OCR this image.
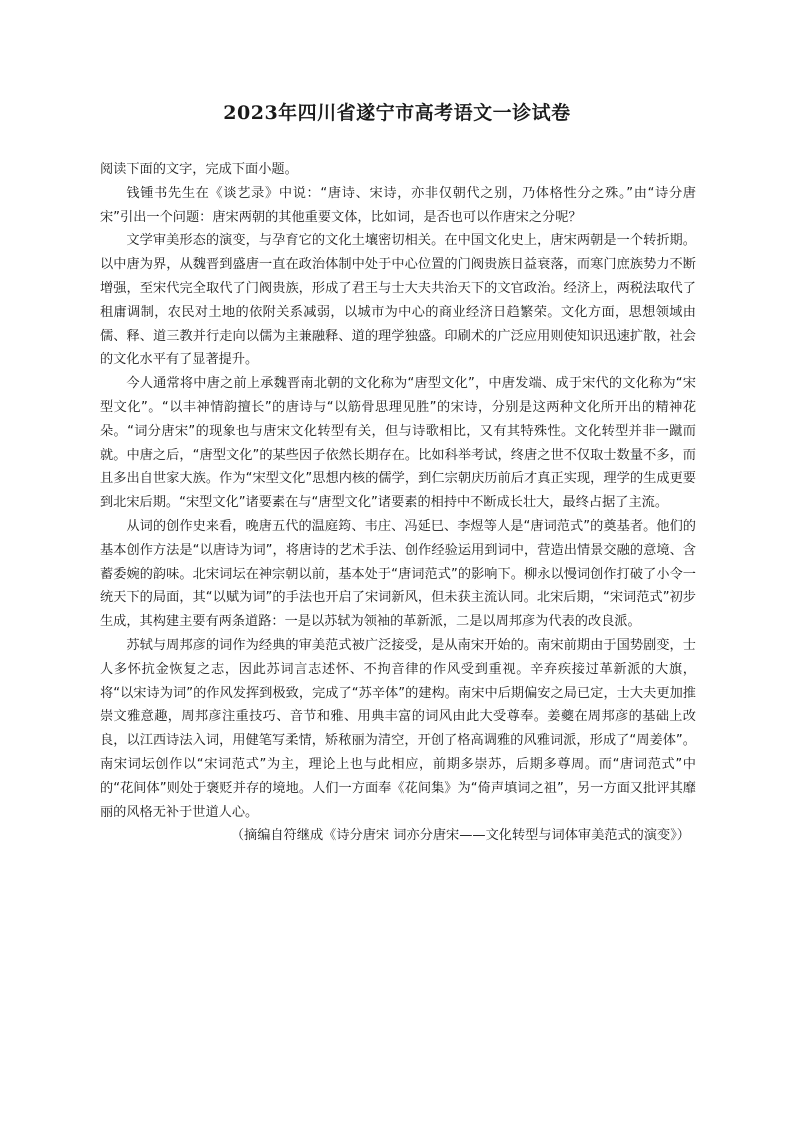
2023年四川省遂宁市高考语文一诊试卷

阅读下面的文字，完成下面小题。

钱锺书先生在《谈艺录》中说：“唐诗、宋诗，亦非仅朝代之别，乃体格性分之殊。”由“诗分唐宋”引出一个问题：唐宋两朝的其他重要文体，比如词，是否也可以作唐宋之分呢？

文学审美形态的演变，与孕育它的文化土壤密切相关。在中国文化史上，唐宋两朝是一个转折期。以中唐为界，从魏晋到盛唐一直在政治体制中处于中心位置的门阀贵族日益衰落，而寒门庶族势力不断增强，至宋代完全取代了门阀贵族，形成了君王与士大夫共治天下的文官政治。经济上，两税法取代了租庸调制，农民对土地的依附关系减弱，以城市为中心的商业经济日趋繁荣。文化方面，思想领域由儒、释、道三教并行走向以儒为主兼融释、道的理学独盛。印刷术的广泛应用则使知识迅速扩散，社会的文化水平有了显著提升。

今人通常将中唐之前上承魏晋南北朝的文化称为“唐型文化”，中唐发端、成于宋代的文化称为“宋型文化”。“以丰神情韵擅长”的唐诗与“以筋骨思理见胜”的宋诗，分别是这两种文化所开出的精神花朵。“词分唐宋”的现象也与唐宋文化转型有关，但与诗歌相比，又有其特殊性。文化转型并非一蹴而就。中唐之后，“唐型文化”的某些因子依然长期存在。比如科举考试，终唐之世不仅取士数量不多，而且多出自世家大族。作为“宋型文化”思想内核的儒学，到仁宗朝庆历前后才真正实现，理学的生成更要到北宋后期。“宋型文化”诸要素在与“唐型文化”诸要素的相持中不断成长壮大，最终占据了主流。

从词的创作史来看，晚唐五代的温庭筠、韦庄、冯延巳、李煜等人是“唐词范式”的奠基者。他们的基本创作方法是“以唐诗为词”，将唐诗的艺术手法、创作经验运用到词中，营造出情景交融的意境、含蓄委婉的韵味。北宋词坛在神宗朝以前，基本处于“唐词范式”的影响下。柳永以慢词创作打破了小令一统天下的局面，其“以赋为词”的手法也开启了宋词新风，但未获主流认同。北宋后期，“宋词范式”初步生成，其构建主要有两条道路：一是以苏轼为领袖的革新派，二是以周邦彦为代表的改良派。

苏轼与周邦彦的词作为经典的审美范式被广泛接受，是从南宋开始的。南宋前期由于国势剧变，士人多怀抗金恢复之志，因此苏词言志述怀、不拘音律的作风受到重视。辛弃疾接过革新派的大旗，将“以宋诗为词”的作风发挥到极致，完成了“苏辛体”的建构。南宋中后期偏安之局已定，士大夫更加推崇文雅意趣，周邦彦注重技巧、音节和雅、用典丰富的词风由此大受尊奉。姜夔在周邦彦的基础上改良，以江西诗法入词，用健笔写柔情，矫秾丽为清空，开创了格高调雅的风雅词派，形成了“周姜体”。南宋词坛创作以“宋词范式”为主，理论上也与此相应，前期多崇苏，后期多尊周。而“唐词范式”中的“花间体”则处于褒贬并存的境地。人们一方面奉《花间集》为“倚声填词之祖”，另一方面又批评其靡丽的风格无补于世道人心。

（摘编自符继成《诗分唐宋 词亦分唐宋——文化转型与词体审美范式的演变》）
